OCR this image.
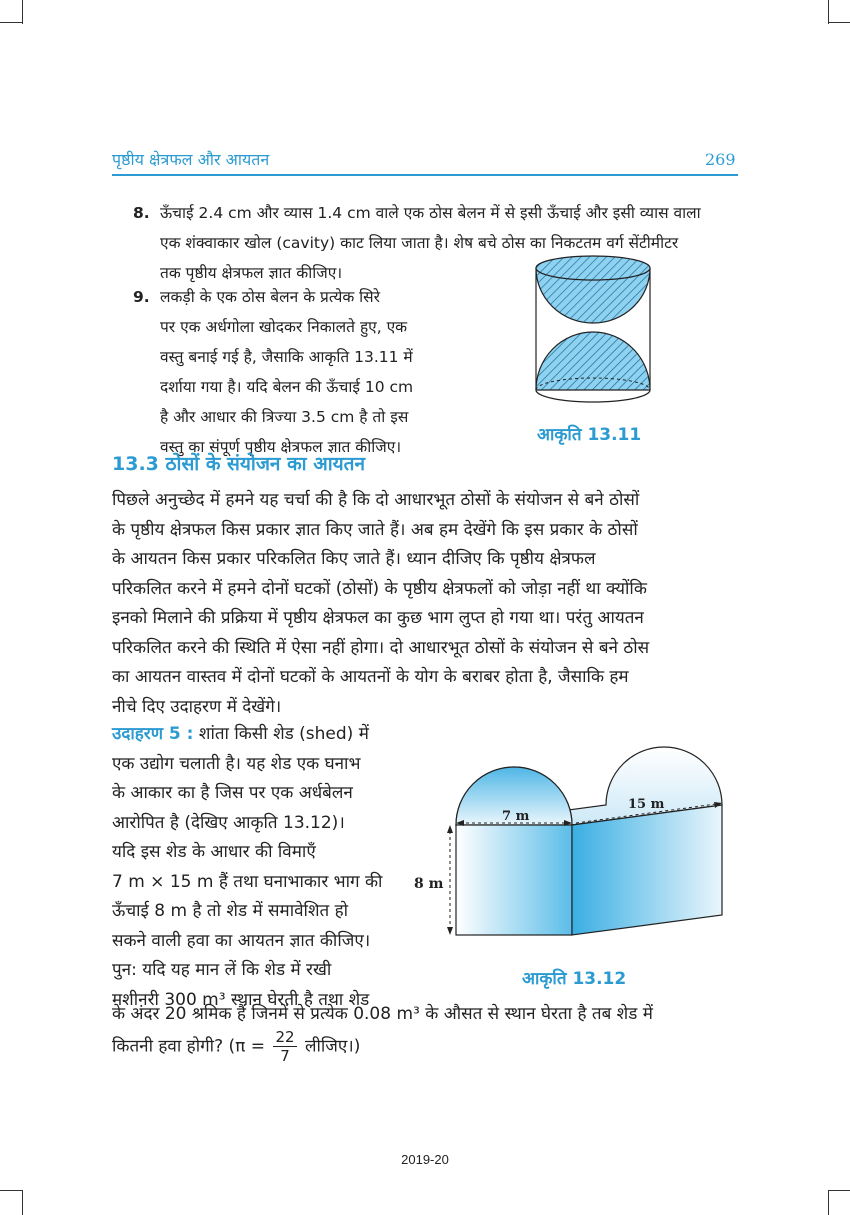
पृष्ठीय क्षेत्रफल और आयतन	269
8. ऊँचाई 2.4 cm और व्यास 1.4 cm वाले एक ठोस बेलन में से इसी ऊँचाई और इसी व्यास वाला
एक शंक्वाकार खोल (cavity) काट लिया जाता है। शेष बचे ठोस का निकटतम वर्ग सेंटीमीटर
तक पृष्ठीय क्षेत्रफल ज्ञात कीजिए।
9. लकड़ी के एक ठोस बेलन के प्रत्येक सिरे
पर एक अर्धगोला खोदकर निकालते हुए, एक
वस्तु बनाई गई है, जैसाकि आकृति 13.11 में
दर्शाया गया है। यदि बेलन की ऊँचाई 10 cm
है और आधार की त्रिज्या 3.5 cm है तो इस
वस्तु का संपूर्ण पृष्ठीय क्षेत्रफल ज्ञात कीजिए।
आकृति 13.11
13.3 ठोसों के संयोजन का आयतन
पिछले अनुच्छेद में हमने यह चर्चा की है कि दो आधारभूत ठोसों के संयोजन से बने ठोसों
के पृष्ठीय क्षेत्रफल किस प्रकार ज्ञात किए जाते हैं। अब हम देखेंगे कि इस प्रकार के ठोसों
के आयतन किस प्रकार परिकलित किए जाते हैं। ध्यान दीजिए कि पृष्ठीय क्षेत्रफल
परिकलित करने में हमने दोनों घटकों (ठोसों) के पृष्ठीय क्षेत्रफलों को जोड़ा नहीं था क्योंकि
इनको मिलाने की प्रक्रिया में पृष्ठीय क्षेत्रफल का कुछ भाग लुप्त हो गया था। परंतु आयतन
परिकलित करने की स्थिति में ऐसा नहीं होगा। दो आधारभूत ठोसों के संयोजन से बने ठोस
का आयतन वास्तव में दोनों घटकों के आयतनों के योग के बराबर होता है, जैसाकि हम
नीचे दिए उदाहरण में देखेंगे।
उदाहरण 5 : शांता किसी शेड (shed) में
एक उद्योग चलाती है। यह शेड एक घनाभ
के आकार का है जिस पर एक अर्धबेलन
आरोपित है (देखिए आकृति 13.12)।
यदि इस शेड के आधार की विमाएँ
7 m × 15 m हैं तथा घनाभाकार भाग की
ऊँचाई 8 m है तो शेड में समावेशित हो
सकने वाली हवा का आयतन ज्ञात कीजिए।
पुन: यदि यह मान लें कि शेड में रखी
मशीनरी 300 m³ स्थान घेरती है तथा शेड
के अंदर 20 श्रमिक हैं जिनमें से प्रत्येक 0.08 m³ के औसत से स्थान घेरता है तब शेड में
कितनी हवा होगी? ($\pi = \frac{22}{7}$ लीजिए।)
7 m
15 m
8 m
आकृति 13.12
2019-20
